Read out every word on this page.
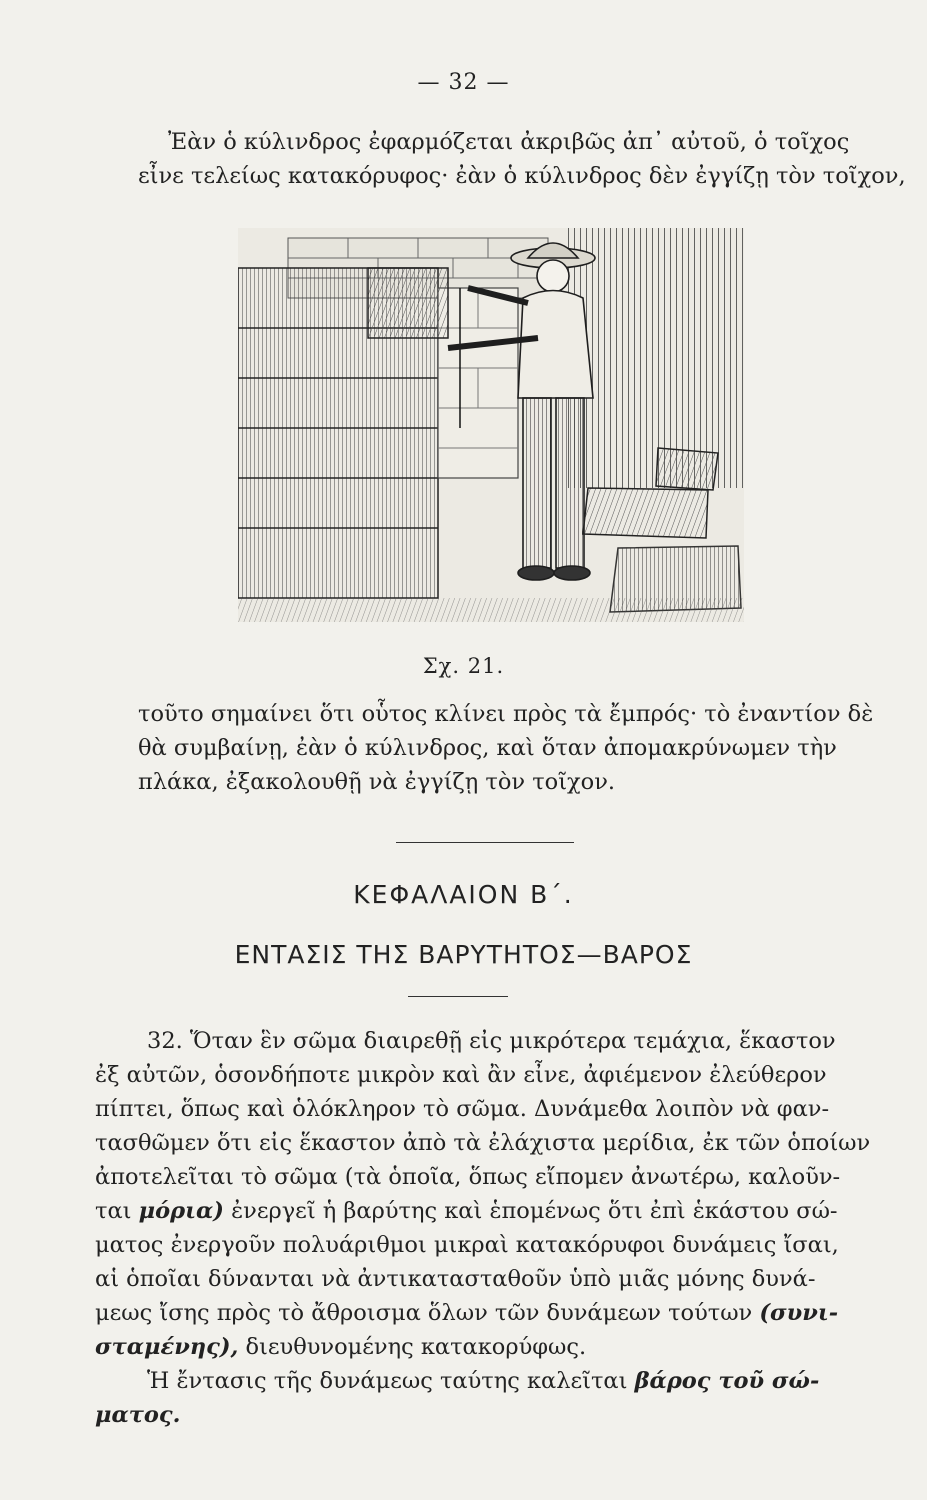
— 32 —
Ἐὰν ὁ κύλινδρος ἐφαρμόζεται ἀκριβῶς ἀπ᾽ αὐτοῦ, ὁ τοῖχος
εἶνε τελείως κατακόρυφος· ἐὰν ὁ κύλινδρος δὲν ἐγγίζῃ τὸν τοῖχον,
Σχ. 21.
τοῦτο σημαίνει ὅτι οὗτος κλίνει πρὸς τὰ ἔμπρός· τὸ ἐναντίον δὲ
θὰ συμβαίνῃ, ἐὰν ὁ κύλινδρος, καὶ ὅταν ἀπομακρύνωμεν τὴν
πλάκα, ἐξακολουθῇ νὰ ἐγγίζῃ τὸν τοῖχον.
ΚΕΦΑΛΑΙΟΝ Β΄.
ΕΝΤΑΣΙΣ ΤΗΣ ΒΑΡΥΤΗΤΟΣ—ΒΑΡΟΣ
32. Ὅταν ἓν σῶμα διαιρεθῇ εἰς μικρότερα τεμάχια, ἕκαστον
ἐξ αὐτῶν, ὁσονδήποτε μικρὸν καὶ ἂν εἶνε, ἀφιέμενον ἐλεύθερον
πίπτει, ὅπως καὶ ὁλόκληρον τὸ σῶμα. Δυνάμεθα λοιπὸν νὰ φαν-
τασθῶμεν ὅτι εἰς ἕκαστον ἀπὸ τὰ ἐλάχιστα μερίδια, ἐκ τῶν ὁποίων
ἀποτελεῖται τὸ σῶμα (τὰ ὁποῖα, ὅπως εἴπομεν ἀνωτέρω, καλοῦν-
ται μόρια) ἐνεργεῖ ἡ βαρύτης καὶ ἑπομένως ὅτι ἐπὶ ἑκάστου σώ-
ματος ἐνεργοῦν πολυάριθμοι μικραὶ κατακόρυφοι δυνάμεις ἴσαι,
αἱ ὁποῖαι δύνανται νὰ ἀντικατασταθοῦν ὑπὸ μιᾶς μόνης δυνά-
μεως ἴσης πρὸς τὸ ἄθροισμα ὅλων τῶν δυνάμεων τούτων (συνι-
σταμένης), διευθυνομένης κατακορύφως.
Ἡ ἔντασις τῆς δυνάμεως ταύτης καλεῖται βάρος τοῦ σώ-
ματος.
